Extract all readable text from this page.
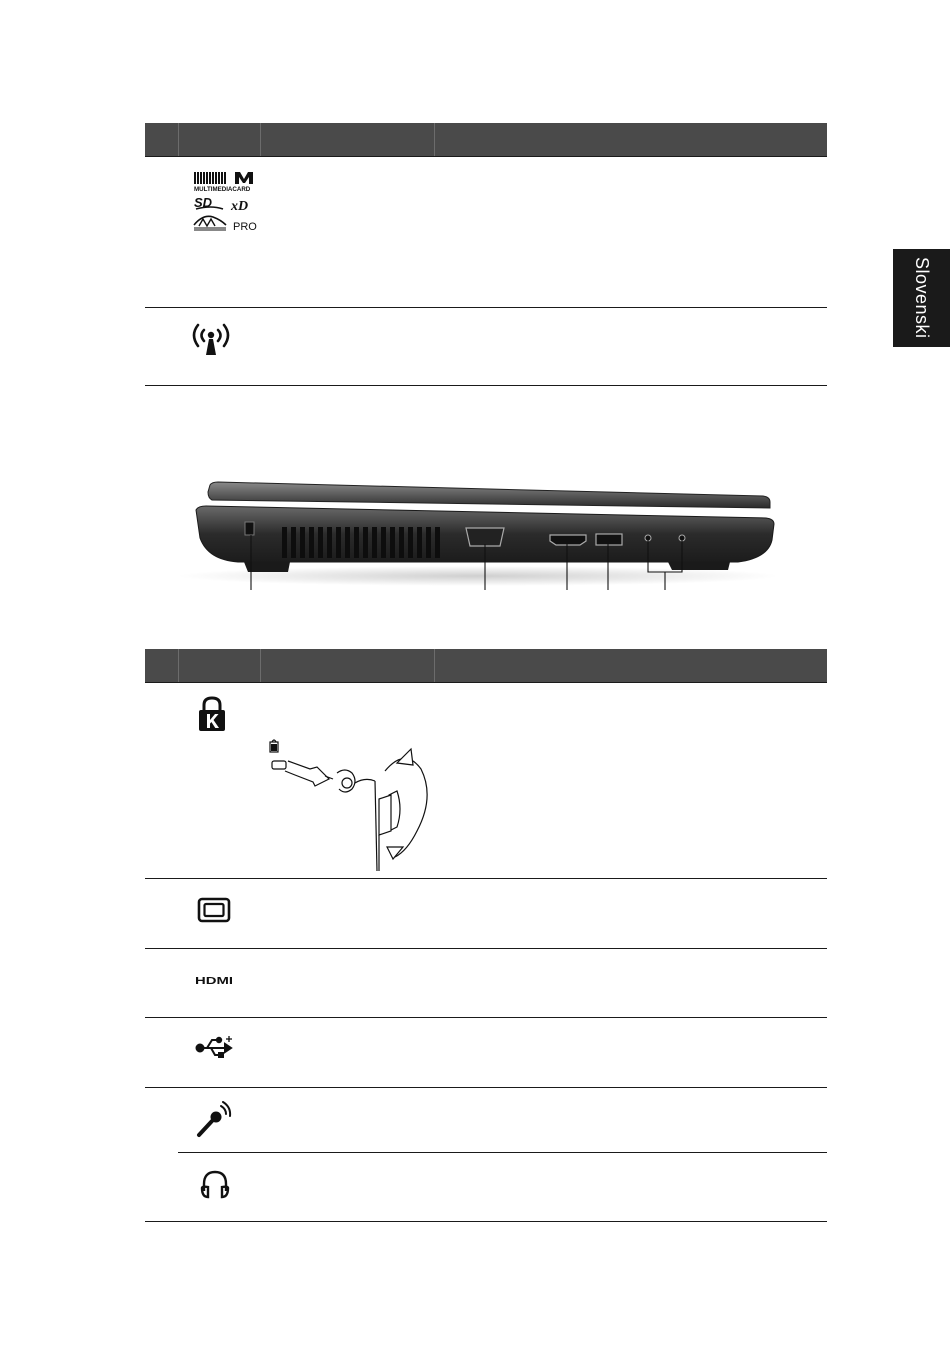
Slovenski
MULTIMEDIACARD
SD xD
PRO
HDMI
